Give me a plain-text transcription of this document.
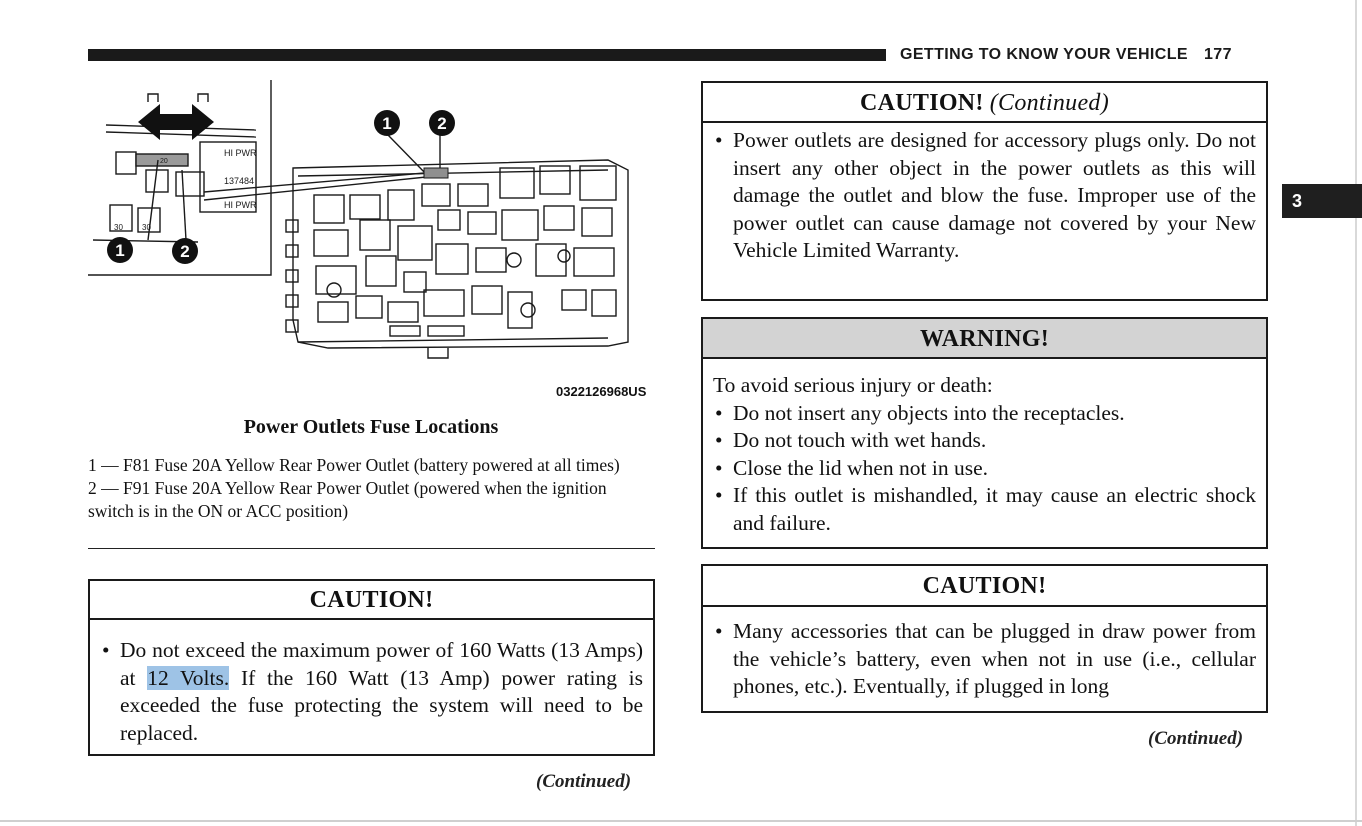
GETTING TO KNOW YOUR VEHICLE 177
3
HI PWR
137484
HI PWR
20
30 30
1	2
1	2
0322126968US
Power Outlets Fuse Locations
1 — F81 Fuse 20A Yellow Rear Power Outlet (battery powered at all times)
2 — F91 Fuse 20A Yellow Rear Power Outlet (powered when the ignition switch is in the ON or ACC position)
CAUTION!
• Do not exceed the maximum power of 160 Watts (13 Amps) at 12 Volts. If the 160 Watt (13 Amp) power rating is exceeded the fuse protecting the system will need to be replaced.
(Continued)
CAUTION! (Continued)
• Power outlets are designed for accessory plugs only. Do not insert any other object in the power outlets as this will damage the outlet and blow the fuse. Improper use of the power outlet can cause damage not covered by your New Vehicle Limited Warranty.
WARNING!
To avoid serious injury or death:
• Do not insert any objects into the receptacles.
• Do not touch with wet hands.
• Close the lid when not in use.
• If this outlet is mishandled, it may cause an electric shock and failure.
CAUTION!
• Many accessories that can be plugged in draw power from the vehicle’s battery, even when not in use (i.e., cellular phones, etc.). Eventually, if plugged in long
(Continued)
